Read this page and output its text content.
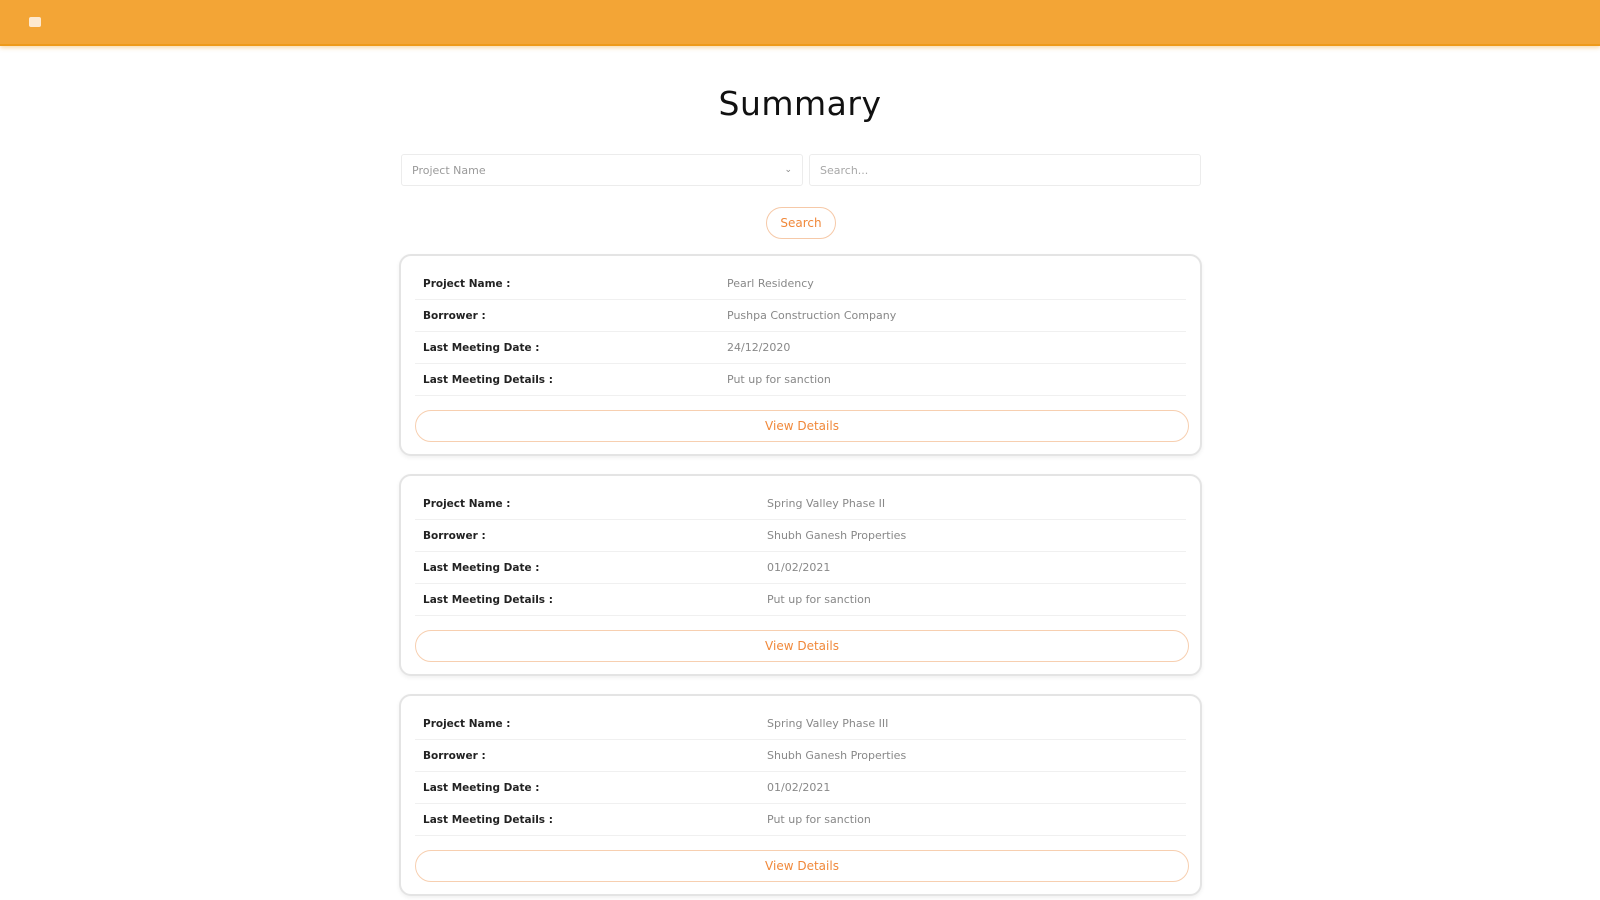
Summary
Project Name	⌄
Search...
Search
Project Name :	Pearl Residency
Borrower :	Pushpa Construction Company
Last Meeting Date :	24/12/2020
Last Meeting Details :	Put up for sanction
View Details
Project Name :	Spring Valley Phase II
Borrower :	Shubh Ganesh Properties
Last Meeting Date :	01/02/2021
Last Meeting Details :	Put up for sanction
View Details
Project Name :	Spring Valley Phase III
Borrower :	Shubh Ganesh Properties
Last Meeting Date :	01/02/2021
Last Meeting Details :	Put up for sanction
View Details
